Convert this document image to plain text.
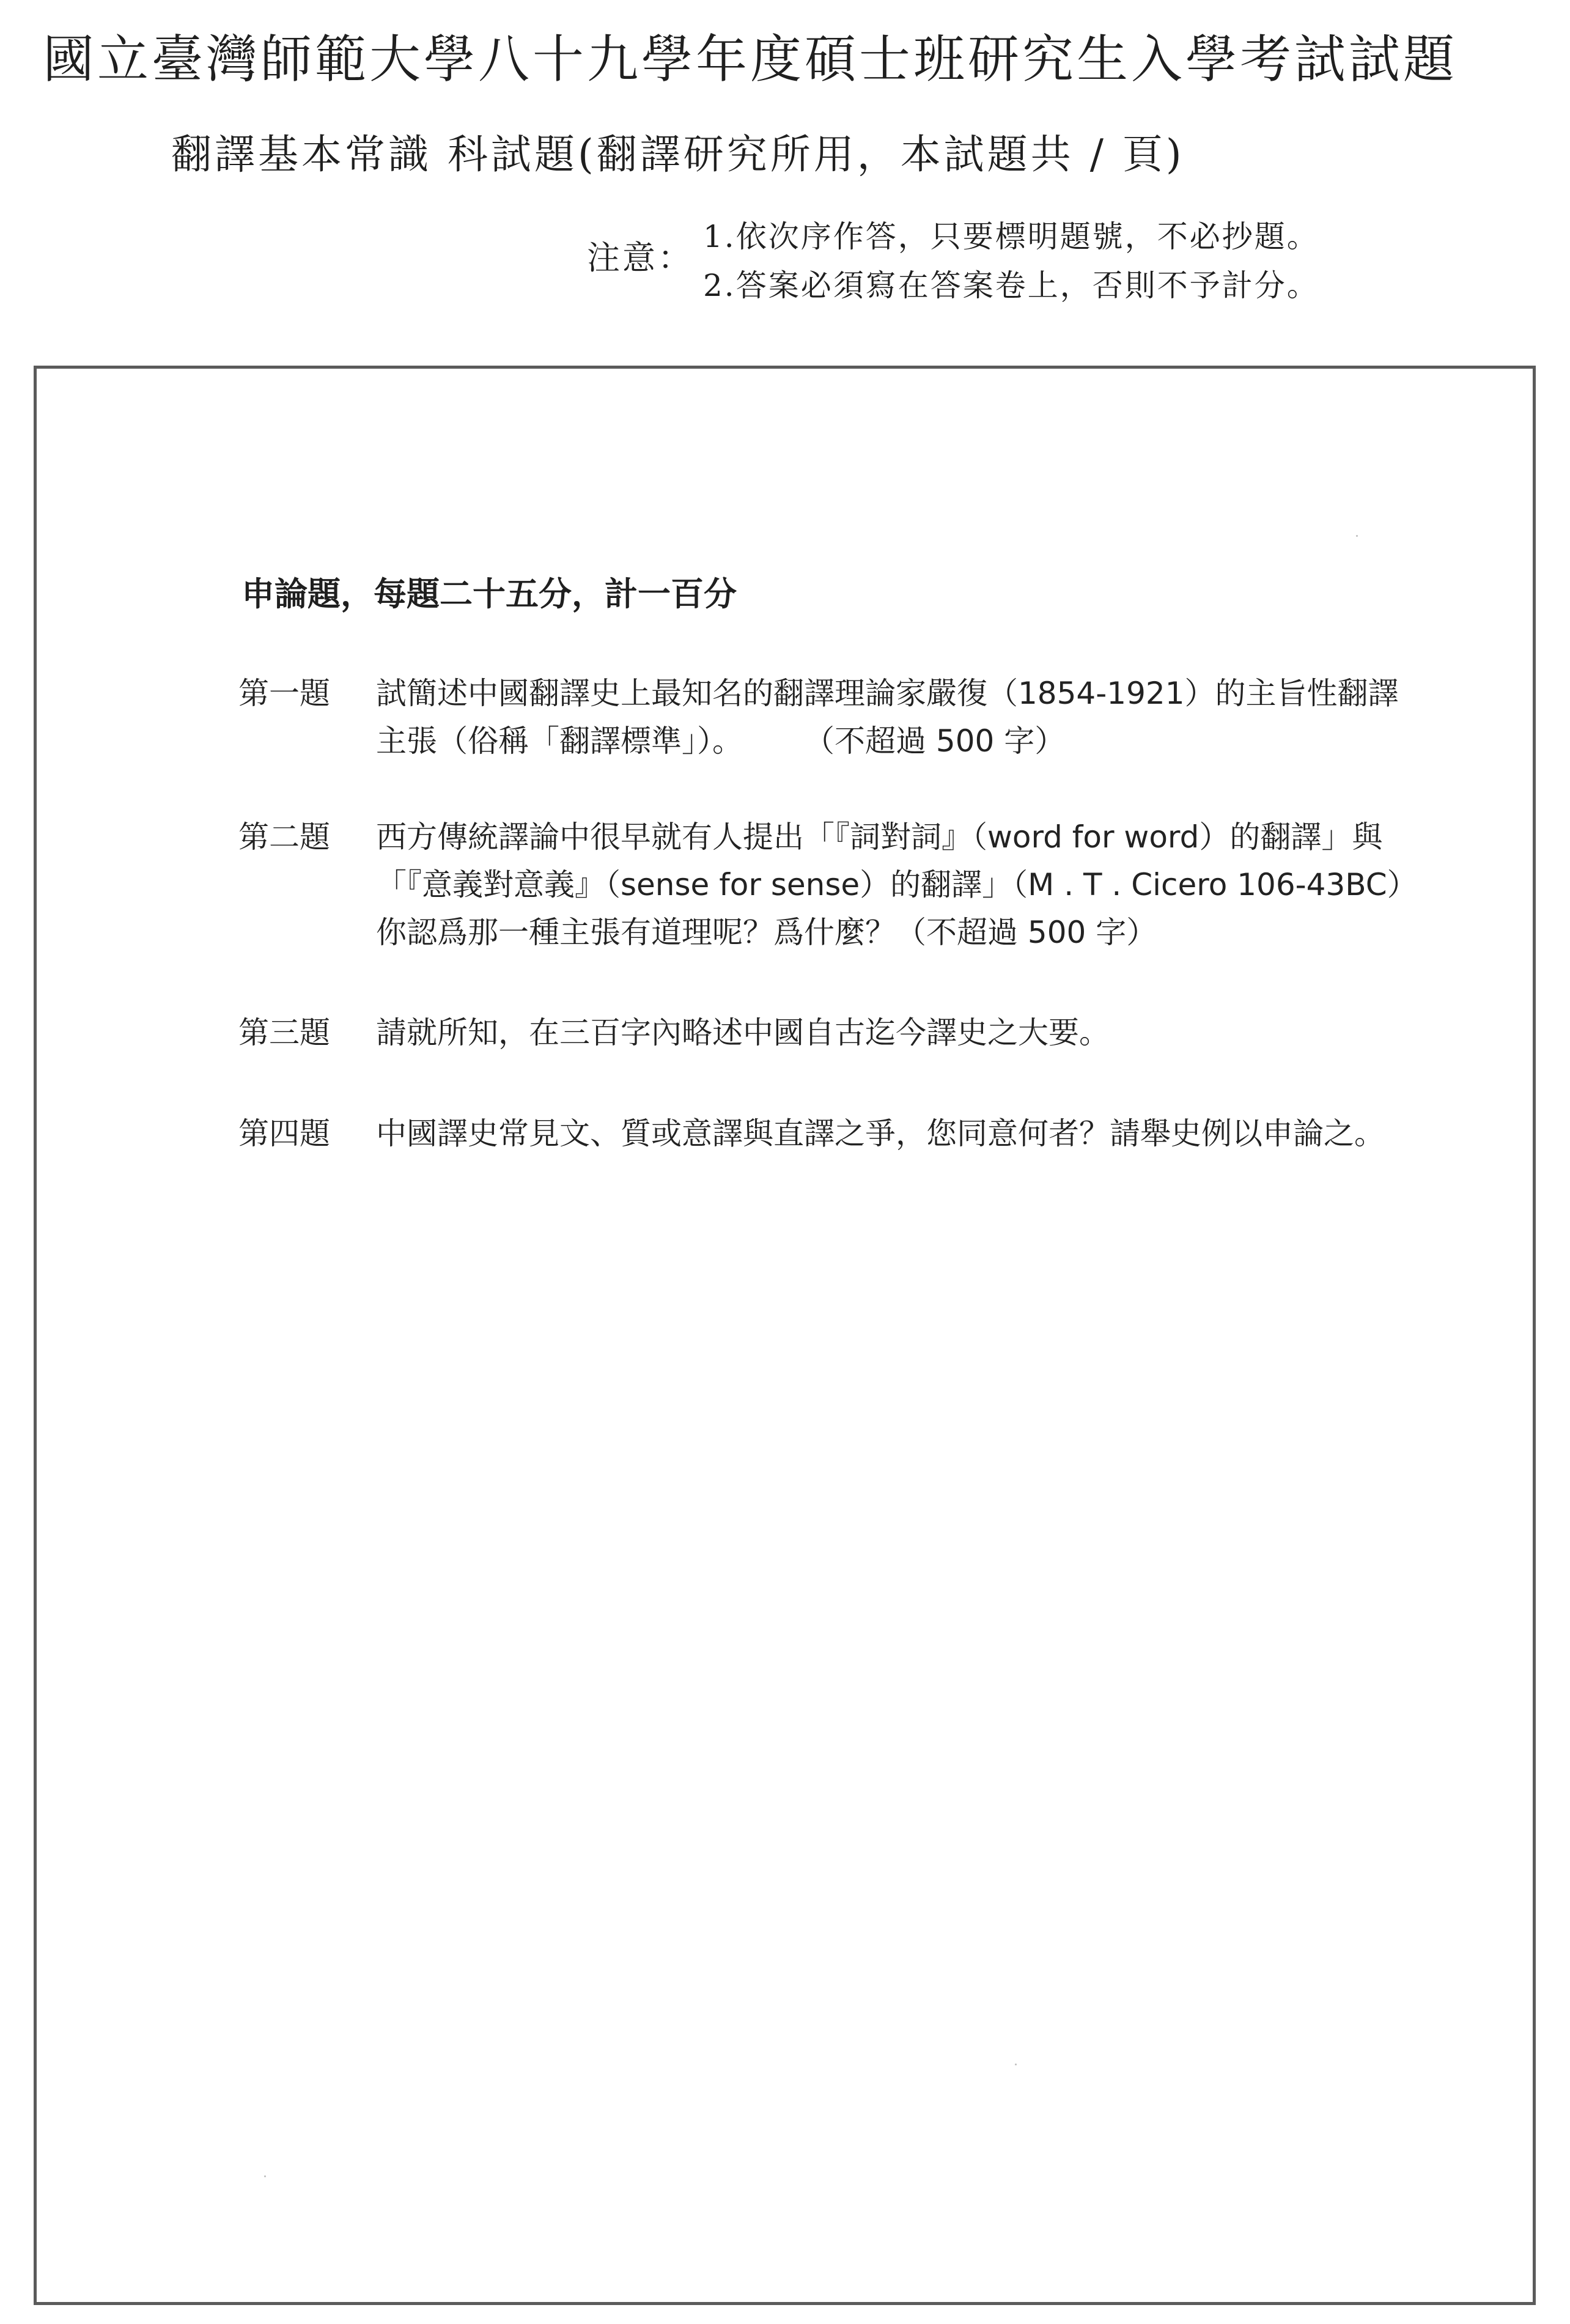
國立臺灣師範大學八十九學年度碩士班研究生入學考試試題
翻譯基本常識 科試題(翻譯研究所用，本試題共 / 頁)
注意：
1.依次序作答，只要標明題號，不必抄題。
2.答案必須寫在答案卷上，否則不予計分。
申論題，每題二十五分，計一百分
第一題	試簡述中國翻譯史上最知名的翻譯理論家嚴復（1854-1921）的主旨性翻譯主張（俗稱「翻譯標準」）。　　　（不超過 500 字）
第二題	西方傳統譯論中很早就有人提出「『詞對詞』（word for word）的翻譯」與「『意義對意義』（sense for sense）的翻譯」（M . T . Cicero 106-43BC）你認爲那一種主張有道理呢？爲什麼？（不超過 500 字）
第三題	請就所知，在三百字內略述中國自古迄今譯史之大要。
第四題	中國譯史常見文、質或意譯與直譯之爭，您同意何者？請舉史例以申論之。
